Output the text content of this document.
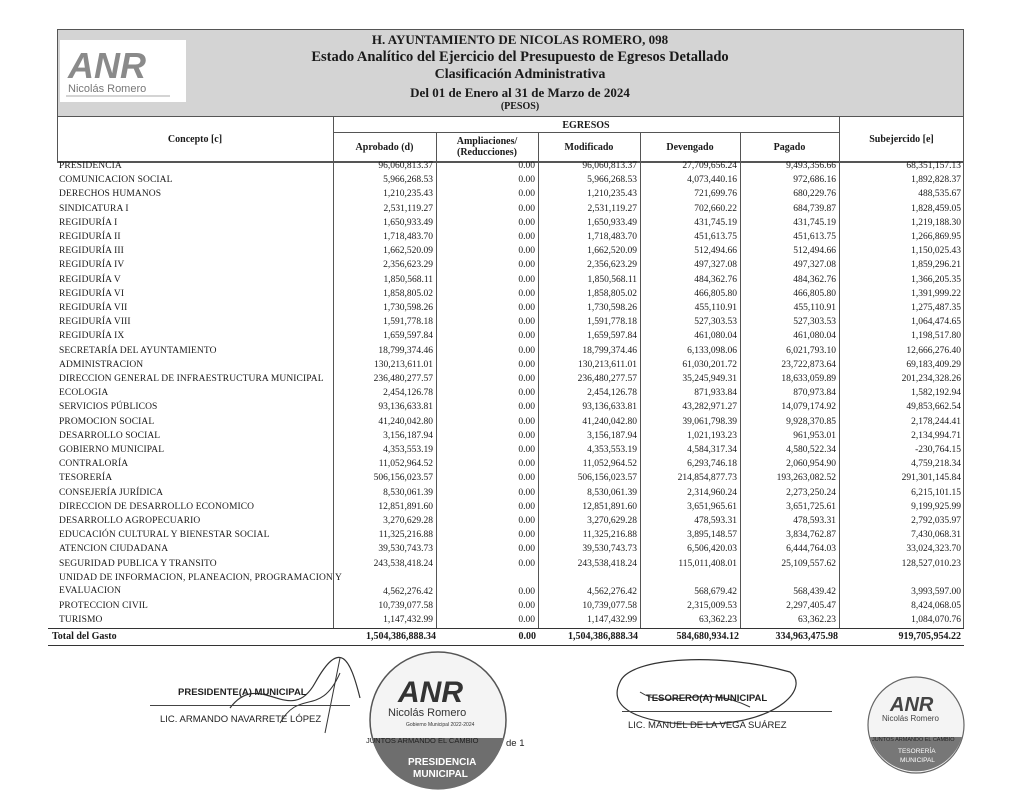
ANR
Nicolás Romero
H. AYUNTAMIENTO DE NICOLAS ROMERO, 098
Estado Analítico del Ejercicio del Presupuesto de Egresos Detallado
Clasificación Administrativa
Del 01 de Enero al 31 de Marzo de 2024
(PESOS)
Concepto [c]
EGRESOS
Aprobado (d)	Ampliaciones/
(Reducciones)	Modificado	Devengado	Pagado
Subejercido [e]
PRESIDENCIA	96,060,813.37	0.00	96,060,813.37	27,709,656.24	9,493,356.66	68,351,157.13
COMUNICACION SOCIAL	5,966,268.53	0.00	5,966,268.53	4,073,440.16	972,686.16	1,892,828.37
DERECHOS HUMANOS	1,210,235.43	0.00	1,210,235.43	721,699.76	680,229.76	488,535.67
SINDICATURA I	2,531,119.27	0.00	2,531,119.27	702,660.22	684,739.87	1,828,459.05
REGIDURÍA I	1,650,933.49	0.00	1,650,933.49	431,745.19	431,745.19	1,219,188.30
REGIDURÍA II	1,718,483.70	0.00	1,718,483.70	451,613.75	451,613.75	1,266,869.95
REGIDURÍA III	1,662,520.09	0.00	1,662,520.09	512,494.66	512,494.66	1,150,025.43
REGIDURÍA IV	2,356,623.29	0.00	2,356,623.29	497,327.08	497,327.08	1,859,296.21
REGIDURÍA V	1,850,568.11	0.00	1,850,568.11	484,362.76	484,362.76	1,366,205.35
REGIDURÍA VI	1,858,805.02	0.00	1,858,805.02	466,805.80	466,805.80	1,391,999.22
REGIDURÍA VII	1,730,598.26	0.00	1,730,598.26	455,110.91	455,110.91	1,275,487.35
REGIDURÍA VIII	1,591,778.18	0.00	1,591,778.18	527,303.53	527,303.53	1,064,474.65
REGIDURÍA IX	1,659,597.84	0.00	1,659,597.84	461,080.04	461,080.04	1,198,517.80
SECRETARÍA DEL AYUNTAMIENTO	18,799,374.46	0.00	18,799,374.46	6,133,098.06	6,021,793.10	12,666,276.40
ADMINISTRACION	130,213,611.01	0.00	130,213,611.01	61,030,201.72	23,722,873.64	69,183,409.29
DIRECCION GENERAL DE INFRAESTRUCTURA MUNICIPAL	236,480,277.57	0.00	236,480,277.57	35,245,949.31	18,633,059.89	201,234,328.26
ECOLOGIA	2,454,126.78	0.00	2,454,126.78	871,933.84	870,973.84	1,582,192.94
SERVICIOS PÚBLICOS	93,136,633.81	0.00	93,136,633.81	43,282,971.27	14,079,174.92	49,853,662.54
PROMOCION SOCIAL	41,240,042.80	0.00	41,240,042.80	39,061,798.39	9,928,370.85	2,178,244.41
DESARROLLO SOCIAL	3,156,187.94	0.00	3,156,187.94	1,021,193.23	961,953.01	2,134,994.71
GOBIERNO MUNICIPAL	4,353,553.19	0.00	4,353,553.19	4,584,317.34	4,580,522.34	-230,764.15
CONTRALORÍA	11,052,964.52	0.00	11,052,964.52	6,293,746.18	2,060,954.90	4,759,218.34
TESORERÍA	506,156,023.57	0.00	506,156,023.57	214,854,877.73	193,263,082.52	291,301,145.84
CONSEJERÍA JURÍDICA	8,530,061.39	0.00	8,530,061.39	2,314,960.24	2,273,250.24	6,215,101.15
DIRECCION DE DESARROLLO ECONOMICO	12,851,891.60	0.00	12,851,891.60	3,651,965.61	3,651,725.61	9,199,925.99
DESARROLLO AGROPECUARIO	3,270,629.28	0.00	3,270,629.28	478,593.31	478,593.31	2,792,035.97
EDUCACIÓN CULTURAL Y BIENESTAR SOCIAL	11,325,216.88	0.00	11,325,216.88	3,895,148.57	3,834,762.87	7,430,068.31
ATENCION CIUDADANA	39,530,743.73	0.00	39,530,743.73	6,506,420.03	6,444,764.03	33,024,323.70
SEGURIDAD PUBLICA Y TRANSITO	243,538,418.24	0.00	243,538,418.24	115,011,408.01	25,109,557.62	128,527,010.23
UNIDAD DE INFORMACION, PLANEACION, PROGRAMACION Y
EVALUACION	4,562,276.42	0.00	4,562,276.42	568,679.42	568,439.42	3,993,597.00
PROTECCION CIVIL	10,739,077.58	0.00	10,739,077.58	2,315,009.53	2,297,405.47	8,424,068.05
TURISMO	1,147,432.99	0.00	1,147,432.99	63,362.23	63,362.23	1,084,070.76
Total del Gasto	1,504,386,888.34	0.00	1,504,386,888.34	584,680,934.12	334,963,475.98	919,705,954.22
PRESIDENTE(A) MUNICIPAL
LIC. ARMANDO NAVARRETE LÓPEZ
ANR
Nicolás Romero
Gobierno Municipal 2022-2024
JUNTOS ARMANDO EL CAMBIO
PRESIDENCIA
MUNICIPAL
de 1
TESORERO(A) MUNICIPAL
LIC. MANUEL DE LA VEGA SUÁREZ
ANR
Nicolás Romero
JUNTOS ARMANDO EL CAMBIO
TESORERÍA
MUNICIPAL
